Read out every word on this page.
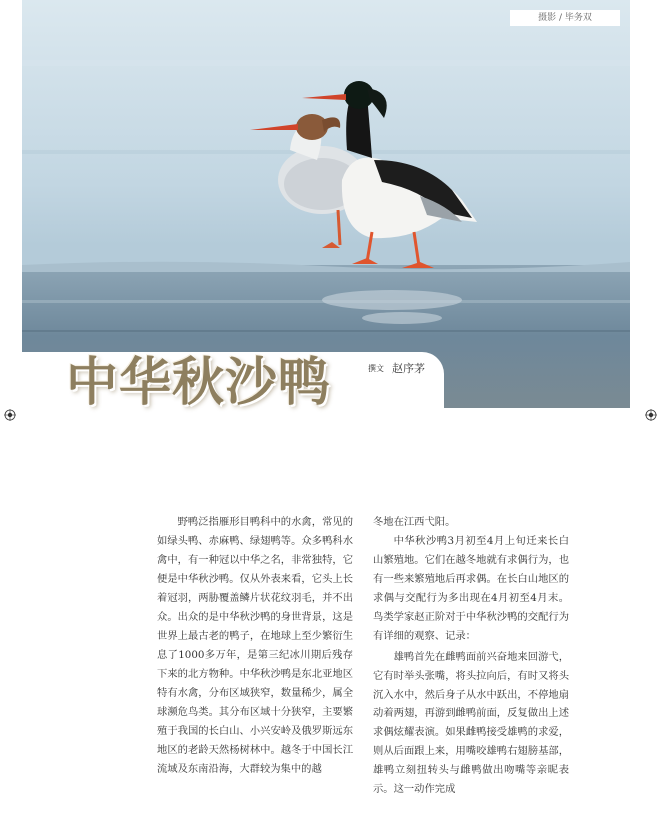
摄影 / 毕务双
中华秋沙鸭	撰文 赵序茅

野鸭泛指雁形目鸭科中的水禽，常见的如绿头鸭、赤麻鸭、绿翅鸭等。众多鸭科水禽中，有一种冠以中华之名，非常独特，它便是中华秋沙鸭。仅从外表来看，它头上长着冠羽，两胁覆盖鳞片状花纹羽毛，并不出众。出众的是中华秋沙鸭的身世背景，这是世界上最古老的鸭子，在地球上至少繁衍生息了1000多万年，是第三纪冰川期后残存下来的北方物种。中华秋沙鸭是东北亚地区特有水禽，分布区域狭窄，数量稀少，属全球濒危鸟类。其分布区域十分狭窄，主要繁殖于我国的长白山、小兴安岭及俄罗斯远东地区的老龄天然杨树林中。越冬于中国长江流域及东南沿海，大群较为集中的越

冬地在江西弋阳。

中华秋沙鸭3月初至4月上旬迁来长白山繁殖地。它们在越冬地就有求偶行为，也有一些来繁殖地后再求偶。在长白山地区的求偶与交配行为多出现在4月初至4月末。鸟类学家赵正阶对于中华秋沙鸭的交配行为有详细的观察、记录：

雄鸭首先在雌鸭面前兴奋地来回游弋，它有时举头张嘴，将头拉向后，有时又将头沉入水中，然后身子从水中跃出，不停地扇动着两翅，再游到雌鸭前面，反复做出上述求偶炫耀表演。如果雌鸭接受雄鸭的求爱，则从后面跟上来，用嘴咬雄鸭右翅膀基部，雄鸭立刻扭转头与雌鸭做出吻嘴等亲昵表示。这一动作完成
